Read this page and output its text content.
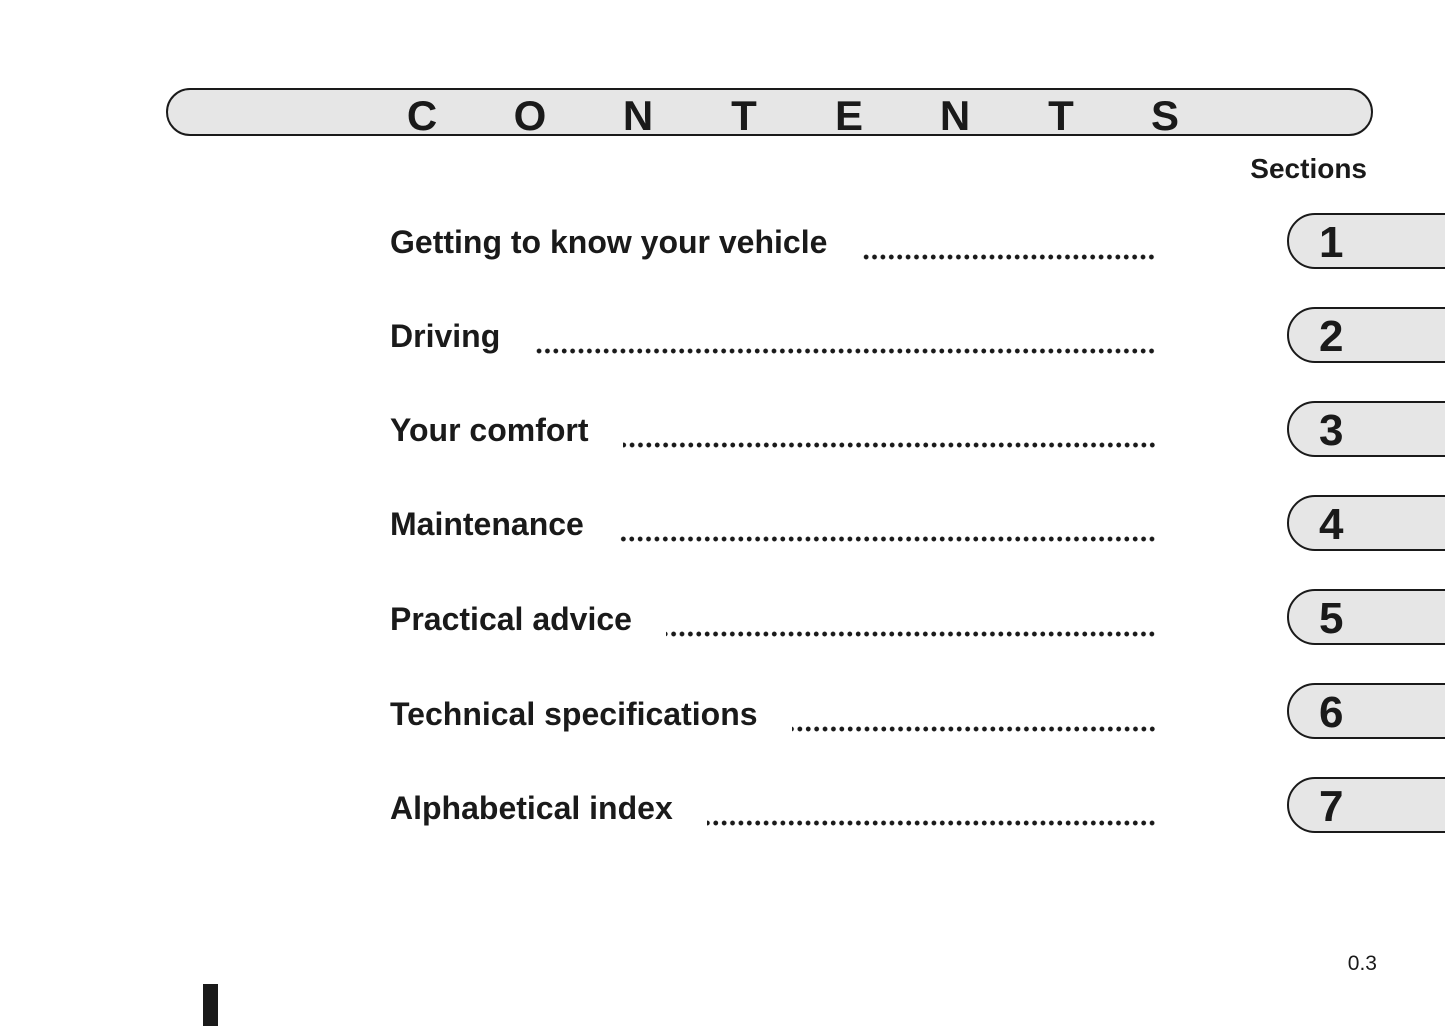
C O N T E N T S
Sections
Getting to know your vehicle
Driving
Your comfort
Maintenance
Practical advice
Technical specifications
Alphabetical index
1
2
3
4
5
6
7
0.3
